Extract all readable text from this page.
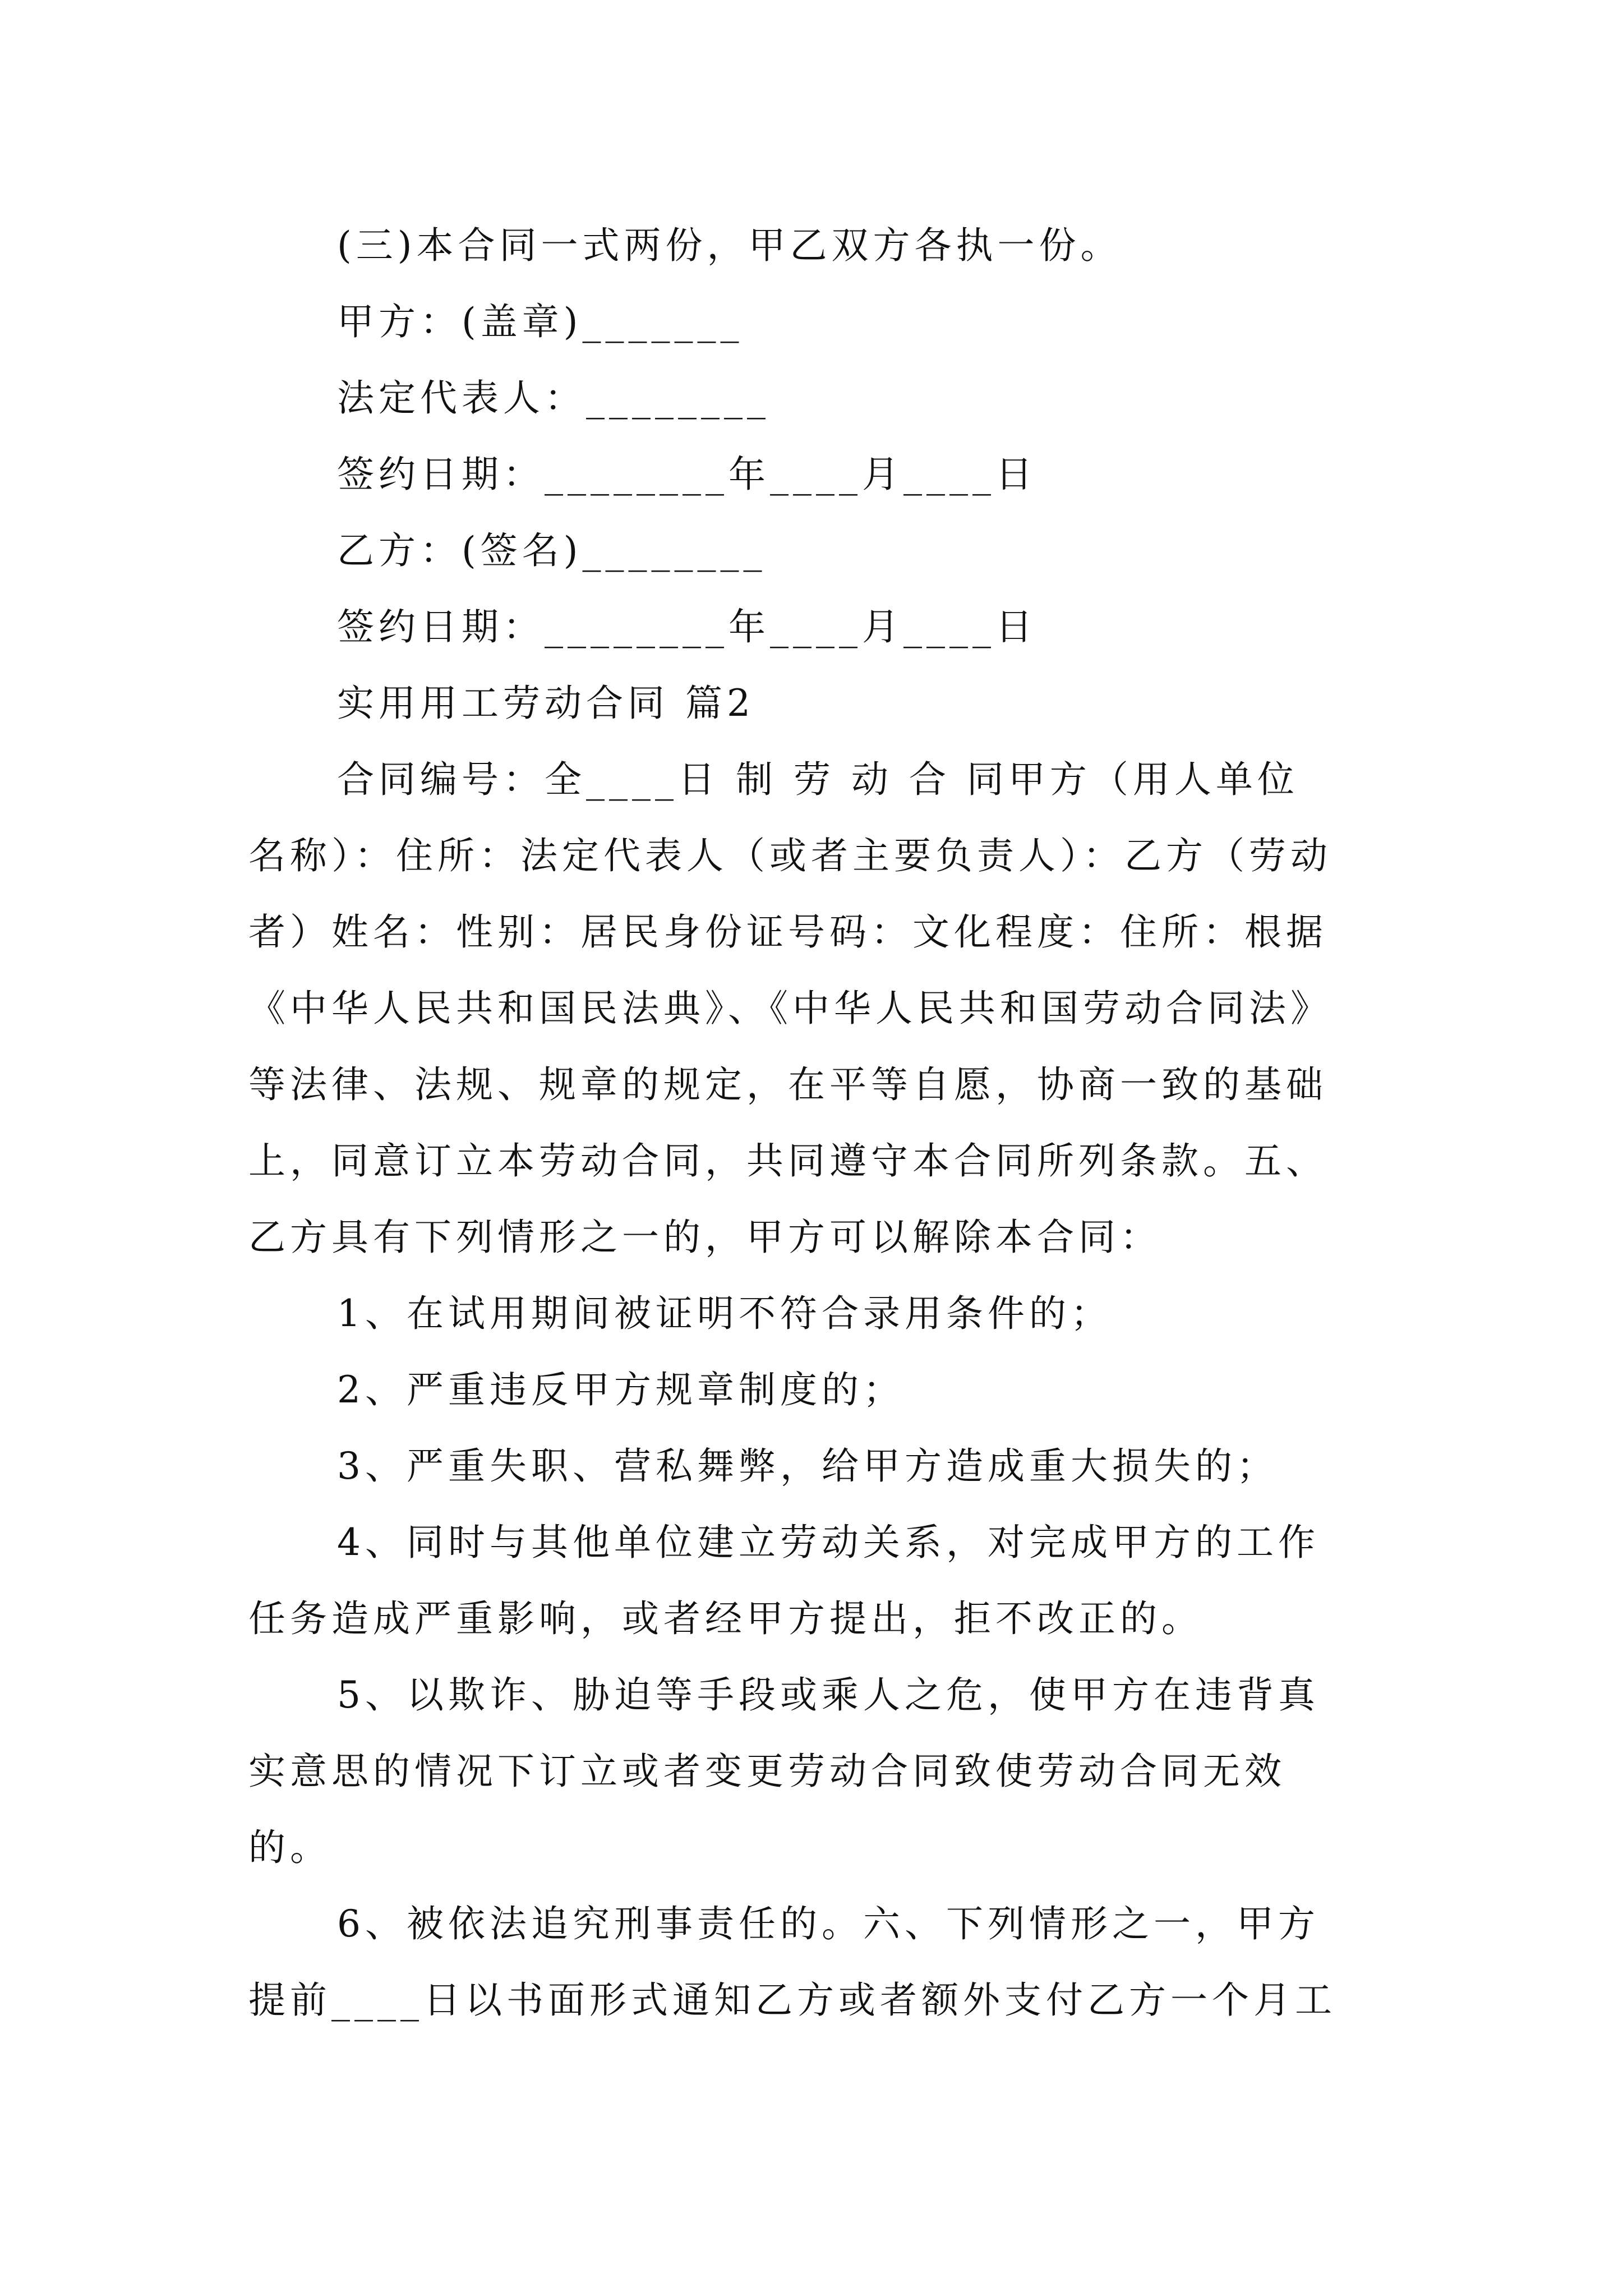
(三)本合同一式两份，甲乙双方各执一份。
甲方：(盖章)_______
法定代表人：________
签约日期：________年____月____日
乙方：(签名)________
签约日期：________年____月____日
实用用工劳动合同 篇2
合同编号：全____日 制 劳 动 合 同甲方（用人单位
名称）：住所：法定代表人（或者主要负责人）：乙方（劳动
者）姓名：性别：居民身份证号码：文化程度：住所：根据
《中华人民共和国民法典》、《中华人民共和国劳动合同法》
等法律、法规、规章的规定，在平等自愿，协商一致的基础
上，同意订立本劳动合同，共同遵守本合同所列条款。五、
乙方具有下列情形之一的，甲方可以解除本合同：
1、在试用期间被证明不符合录用条件的；
2、严重违反甲方规章制度的；
3、严重失职、营私舞弊，给甲方造成重大损失的；
4、同时与其他单位建立劳动关系，对完成甲方的工作
任务造成严重影响，或者经甲方提出，拒不改正的。
5、以欺诈、胁迫等手段或乘人之危，使甲方在违背真
实意思的情况下订立或者变更劳动合同致使劳动合同无效
的。
6、被依法追究刑事责任的。六、下列情形之一，甲方
提前____日以书面形式通知乙方或者额外支付乙方一个月工
